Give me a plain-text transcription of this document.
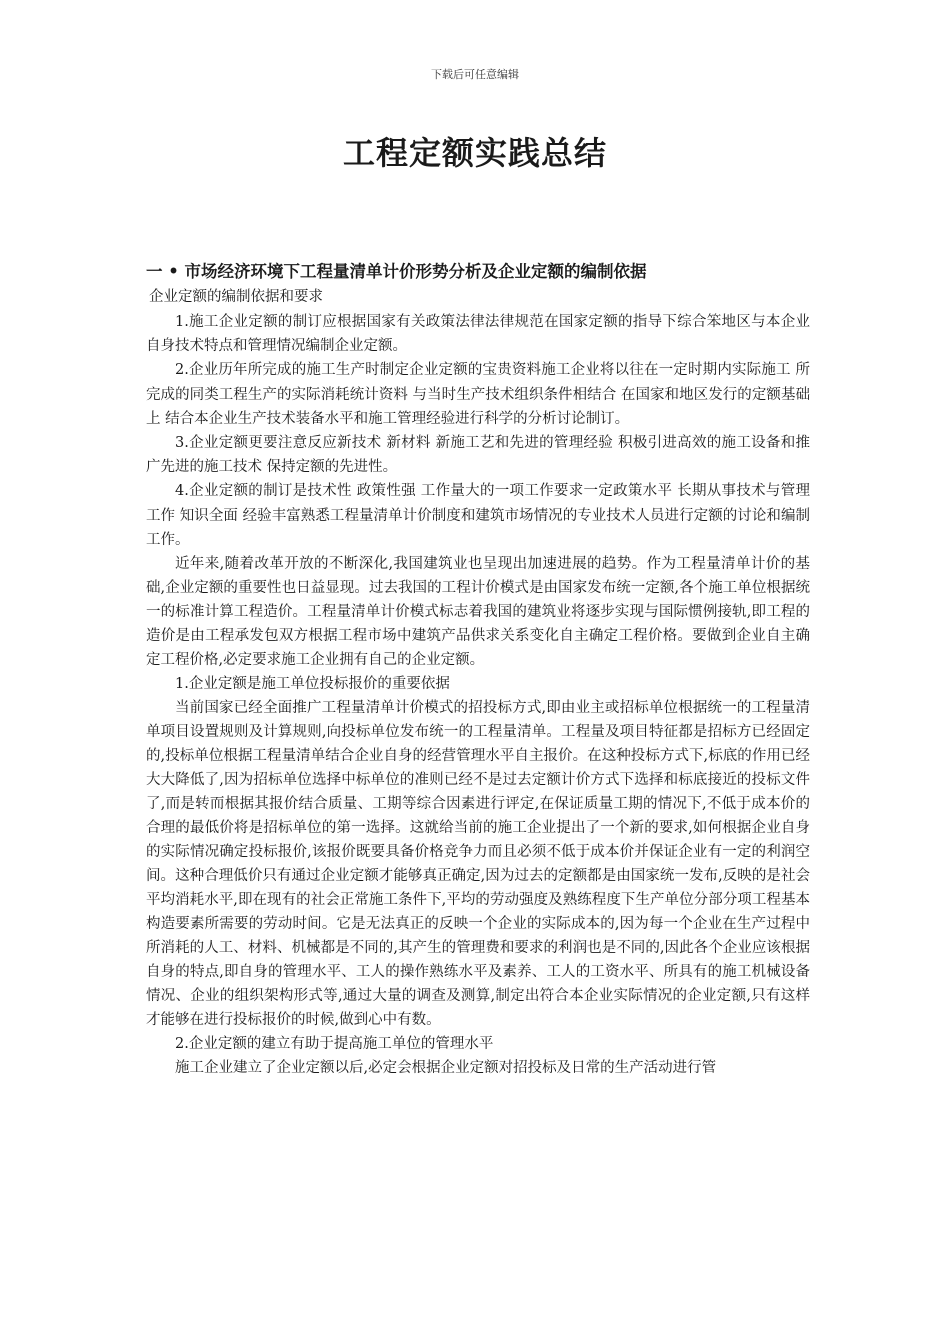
下载后可任意编辑
工程定额实践总结

一 • 市场经济环境下工程量清单计价形势分析及企业定额的编制依据

企业定额的编制依据和要求

1.施工企业定额的制订应根据国家有关政策法律法律规范在国家定额的指导下综合笨地区与本企业自身技术特点和管理情况编制企业定额。

2.企业历年所完成的施工生产时制定企业定额的宝贵资料施工企业将以往在一定时期内实际施工 所完成的同类工程生产的实际消耗统计资料 与当时生产技术组织条件相结合 在国家和地区发行的定额基础上 结合本企业生产技术装备水平和施工管理经验进行科学的分析讨论制订。

3.企业定额更要注意反应新技术 新材料 新施工艺和先进的管理经验 积极引进高效的施工设备和推广先进的施工技术 保持定额的先进性。

4.企业定额的制订是技术性 政策性强 工作量大的一项工作要求一定政策水平 长期从事技术与管理工作 知识全面 经验丰富熟悉工程量清单计价制度和建筑市场情况的专业技术人员进行定额的讨论和编制工作。

近年来,随着改革开放的不断深化,我国建筑业也呈现出加速进展的趋势。作为工程量清单计价的基础,企业定额的重要性也日益显现。过去我国的工程计价模式是由国家发布统一定额,各个施工单位根据统一的标准计算工程造价。工程量清单计价模式标志着我国的建筑业将逐步实现与国际惯例接轨,即工程的造价是由工程承发包双方根据工程市场中建筑产品供求关系变化自主确定工程价格。要做到企业自主确定工程价格,必定要求施工企业拥有自己的企业定额。

1.企业定额是施工单位投标报价的重要依据

当前国家已经全面推广工程量清单计价模式的招投标方式,即由业主或招标单位根据统一的工程量清单项目设置规则及计算规则,向投标单位发布统一的工程量清单。工程量及项目特征都是招标方已经固定的,投标单位根据工程量清单结合企业自身的经营管理水平自主报价。在这种投标方式下,标底的作用已经大大降低了,因为招标单位选择中标单位的准则已经不是过去定额计价方式下选择和标底接近的投标文件了,而是转而根据其报价结合质量、工期等综合因素进行评定,在保证质量工期的情况下,不低于成本价的合理的最低价将是招标单位的第一选择。这就给当前的施工企业提出了一个新的要求,如何根据企业自身的实际情况确定投标报价,该报价既要具备价格竞争力而且必须不低于成本价并保证企业有一定的利润空间。这种合理低价只有通过企业定额才能够真正确定,因为过去的定额都是由国家统一发布,反映的是社会平均消耗水平,即在现有的社会正常施工条件下,平均的劳动强度及熟练程度下生产单位分部分项工程基本构造要素所需要的劳动时间。它是无法真正的反映一个企业的实际成本的,因为每一个企业在生产过程中所消耗的人工、材料、机械都是不同的,其产生的管理费和要求的利润也是不同的,因此各个企业应该根据自身的特点,即自身的管理水平、工人的操作熟练水平及素养、工人的工资水平、所具有的施工机械设备情况、企业的组织架构形式等,通过大量的调查及测算,制定出符合本企业实际情况的企业定额,只有这样才能够在进行投标报价的时候,做到心中有数。

2.企业定额的建立有助于提高施工单位的管理水平

施工企业建立了企业定额以后,必定会根据企业定额对招投标及日常的生产活动进行管
